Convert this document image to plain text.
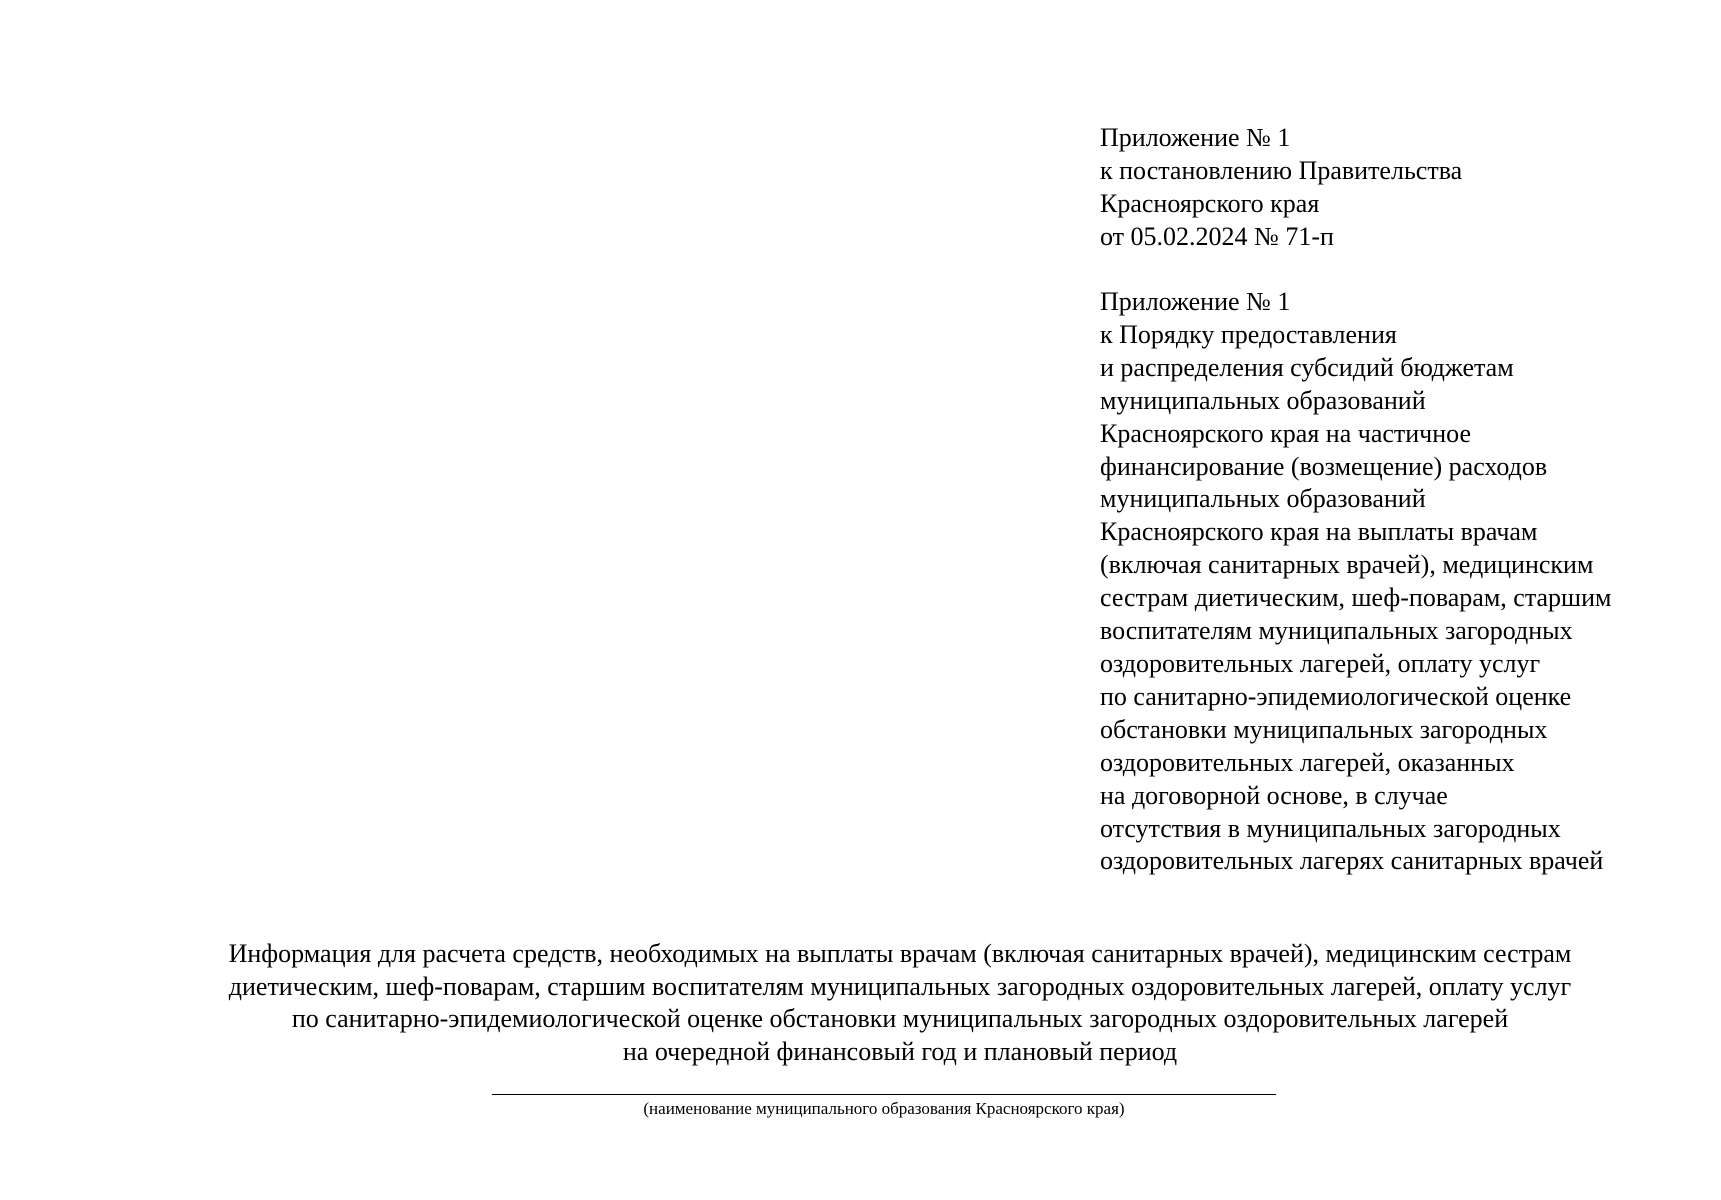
Приложение № 1
к постановлению Правительства
Красноярского края
от 05.02.2024 № 71-п
Приложение № 1
к Порядку предоставления
и распределения субсидий бюджетам
муниципальных образований
Красноярского края на частичное
финансирование (возмещение) расходов
муниципальных образований
Красноярского края на выплаты врачам
(включая санитарных врачей), медицинским
сестрам диетическим, шеф-поварам, старшим
воспитателям муниципальных загородных
оздоровительных лагерей, оплату услуг
по санитарно-эпидемиологической оценке
обстановки муниципальных загородных
оздоровительных лагерей, оказанных
на договорной основе, в случае
отсутствия в муниципальных загородных
оздоровительных лагерях санитарных врачей
Информация для расчета средств, необходимых на выплаты врачам (включая санитарных врачей), медицинским сестрам
диетическим, шеф-поварам, старшим воспитателям муниципальных загородных оздоровительных лагерей, оплату услуг
по санитарно-эпидемиологической оценке обстановки муниципальных загородных оздоровительных лагерей
на очередной финансовый год и плановый период
(наименование муниципального образования Красноярского края)
